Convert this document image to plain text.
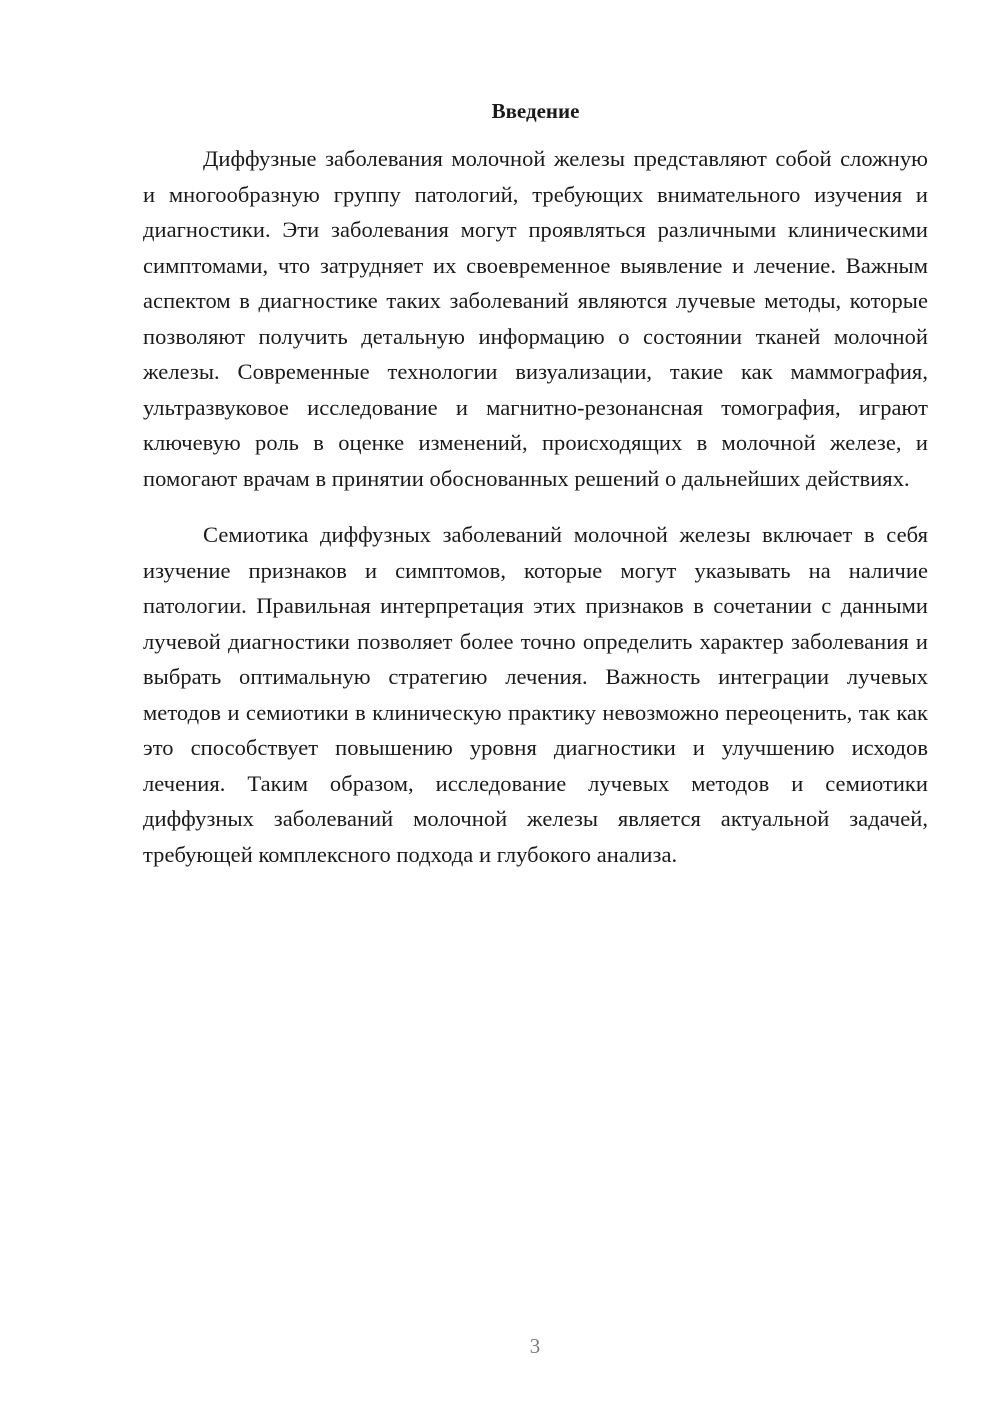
Введение

Диффузные заболевания молочной железы представляют собой сложную и многообразную группу патологий, требующих внимательного изучения и диагностики. Эти заболевания могут проявляться различными клиническими симптомами, что затрудняет их своевременное выявление и лечение. Важным аспектом в диагностике таких заболеваний являются лучевые методы, которые позволяют получить детальную информацию о состоянии тканей молочной железы. Современные технологии визуализации, такие как маммография, ультразвуковое исследование и магнитно-резонансная томография, играют ключевую роль в оценке изменений, происходящих в молочной железе, и помогают врачам в принятии обоснованных решений о дальнейших действиях.

Семиотика диффузных заболеваний молочной железы включает в себя изучение признаков и симптомов, которые могут указывать на наличие патологии. Правильная интерпретация этих признаков в сочетании с данными лучевой диагностики позволяет более точно определить характер заболевания и выбрать оптимальную стратегию лечения. Важность интеграции лучевых методов и семиотики в клиническую практику невозможно переоценить, так как это способствует повышению уровня диагностики и улучшению исходов лечения. Таким образом, исследование лучевых методов и семиотики диффузных заболеваний молочной железы является актуальной задачей, требующей комплексного подхода и глубокого анализа.

3
